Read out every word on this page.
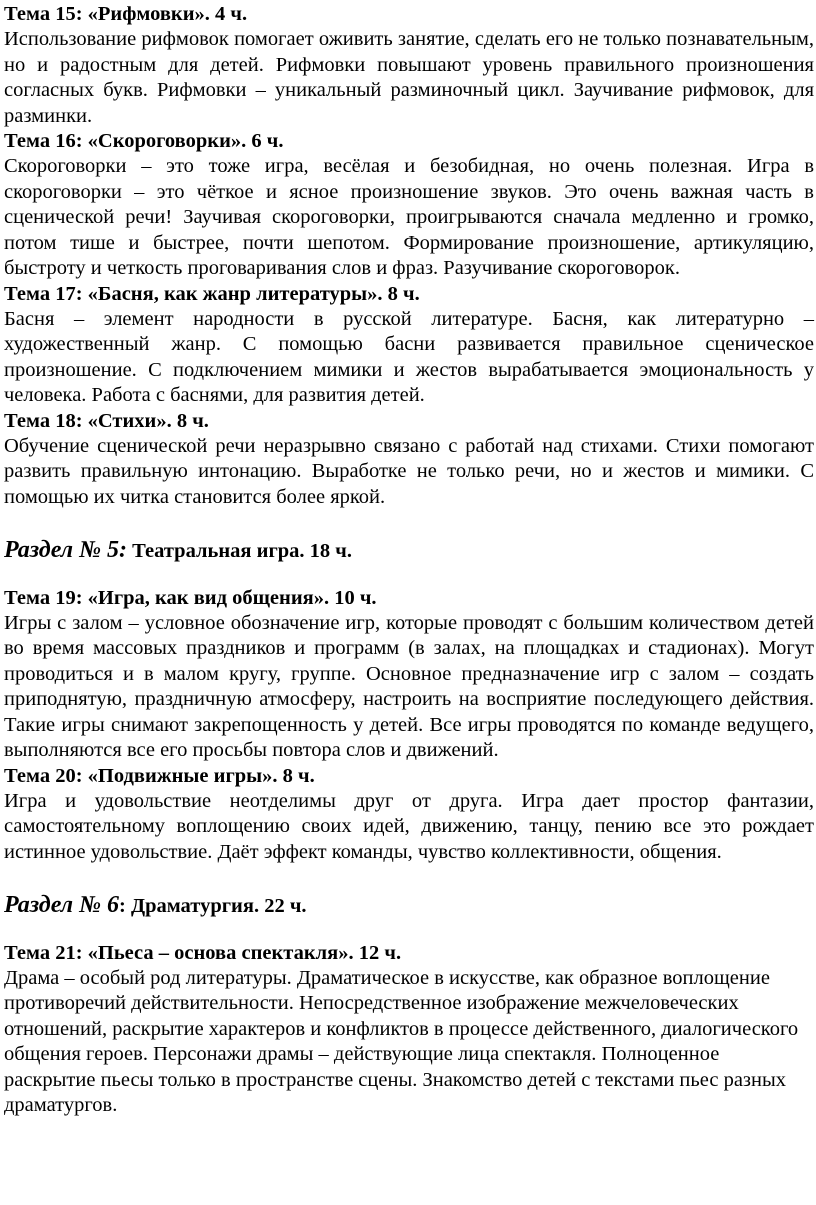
Тема 15: «Рифмовки». 4 ч.

Использование рифмовок помогает оживить занятие, сделать его не только познавательным, но и радостным для детей. Рифмовки повышают уровень правильного произношения согласных букв. Рифмовки – уникальный разминочный цикл. Заучивание рифмовок, для разминки.

Тема 16: «Скороговорки». 6 ч.

Скороговорки – это тоже игра, весёлая и безобидная, но очень полезная. Игра в скороговорки – это чёткое и ясное произношение звуков. Это очень важная часть в сценической речи! Заучивая скороговорки, проигрываются сначала медленно и громко, потом тише и быстрее, почти шепотом. Формирование произношение, артикуляцию, быстроту и четкость проговаривания слов и фраз. Разучивание скороговорок.

Тема 17: «Басня, как жанр литературы». 8 ч.

Басня – элемент народности в русской литературе. Басня, как литературно – художественный жанр. С помощью басни развивается правильное сценическое произношение. С подключением мимики и жестов вырабатывается эмоциональность у человека. Работа с баснями, для развития детей.

Тема 18: «Стихи». 8 ч.

Обучение сценической речи неразрывно связано с работай над стихами. Стихи помогают развить правильную интонацию. Выработке не только речи, но и жестов и мимики. С помощью их читка становится более яркой.

Раздел № 5: Театральная игра. 18 ч.

Тема 19: «Игра, как вид общения». 10 ч.

Игры с залом – условное обозначение игр, которые проводят с большим количеством детей во время массовых праздников и программ (в залах, на площадках и стадионах). Могут проводиться и в малом кругу, группе. Основное предназначение игр с залом – создать приподнятую, праздничную атмосферу, настроить на восприятие последующего действия. Такие игры снимают закрепощенность у детей. Все игры проводятся по команде ведущего, выполняются все его просьбы повтора слов и движений.

Тема 20: «Подвижные игры». 8 ч.

Игра и удовольствие неотделимы друг от друга. Игра дает простор фантазии, самостоятельному воплощению своих идей, движению, танцу, пению все это рождает истинное удовольствие. Даёт эффект команды, чувство коллективности, общения.

Раздел № 6: Драматургия. 22 ч.

Тема 21: «Пьеса – основа спектакля». 12 ч.

Драма – особый род литературы. Драматическое в искусстве, как образное воплощение противоречий действительности. Непосредственное изображение межчеловеческих отношений, раскрытие характеров и конфликтов в процессе действенного, диалогического общения героев. Персонажи драмы – действующие лица спектакля. Полноценное раскрытие пьесы только в пространстве сцены. Знакомство детей с текстами пьес разных драматургов.
